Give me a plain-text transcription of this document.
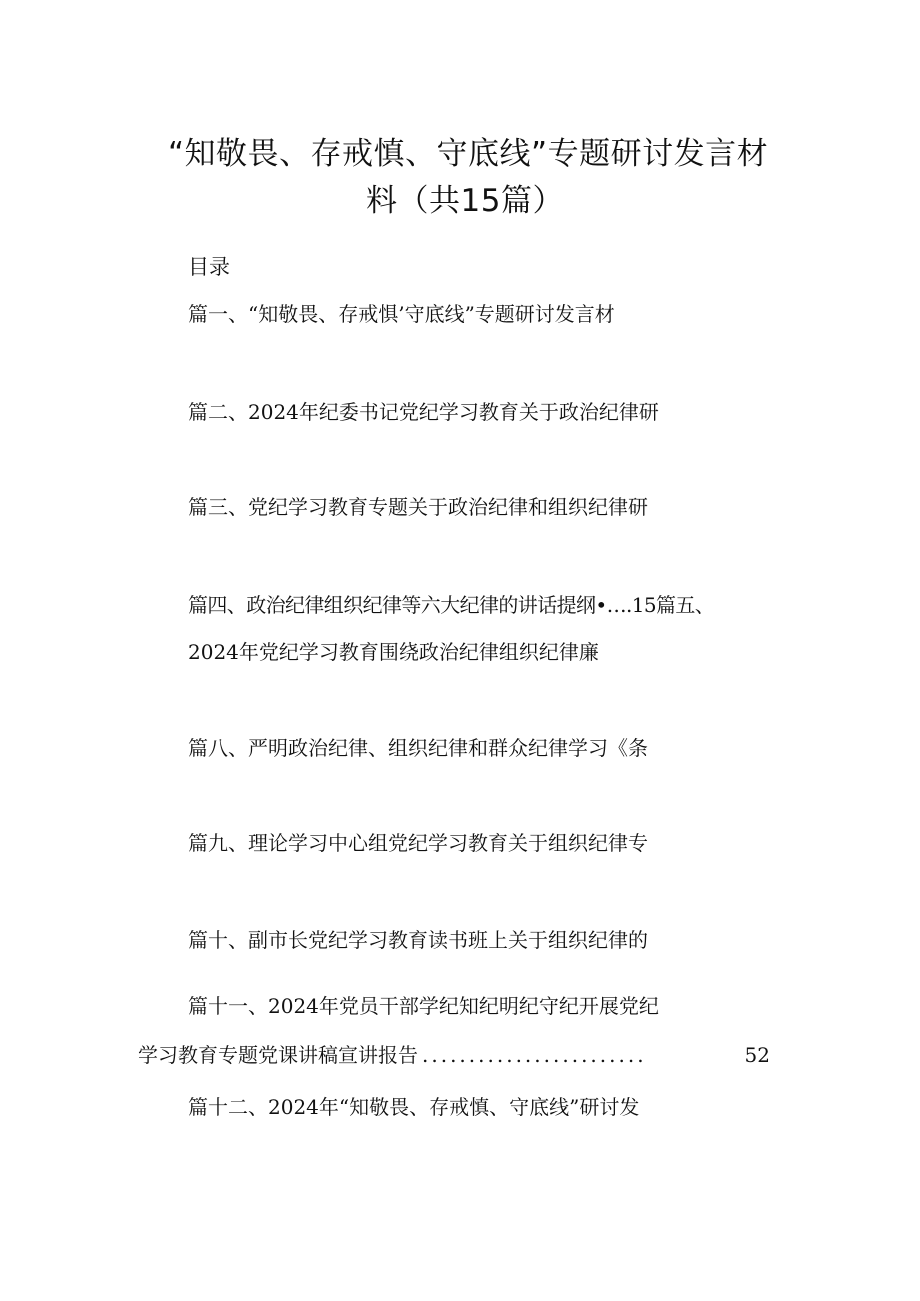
“知敬畏、存戒慎、守底线”专题研讨发言材
料（共15篇）
目录
篇一、“知敬畏、存戒惧’守底线”专题研讨发言材
篇二、2024年纪委书记党纪学习教育关于政治纪律研
篇三、党纪学习教育专题关于政治纪律和组织纪律研
篇四、政治纪律组织纪律等六大纪律的讲话提纲•….15篇五、
2024年党纪学习教育围绕政治纪律组织纪律廉
篇八、严明政治纪律、组织纪律和群众纪律学习《条
篇九、理论学习中心组党纪学习教育关于组织纪律专
篇十、副市长党纪学习教育读书班上关于组织纪律的
篇十一、2024年党员干部学纪知纪明纪守纪开展党纪
学习教育专题党课讲稿宣讲报告 ........................	52
篇十二、2024年“知敬畏、存戒慎、守底线”研讨发
